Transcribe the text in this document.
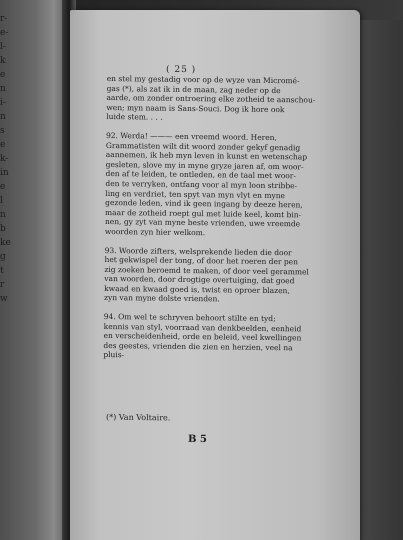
r-
e-
l-
k
e
n
i-
n
s
e
k-
in
e
l
n
b
ke
g
t
r
w
( 25 )
en stel my gestadig voor op de wyze van Micromé-
gas (*), als zat ik in de maan, zag neder op de
aarde, om zonder ontroering elke zotheid te aanschou-
wen; myn naam is Sans-Souci. Dog ik hore ook
luide stem. . . .
92. Werda! ——— een vreemd woord. Heren,
Grammatisten wilt dit woord zonder gekyf genadig
aannemen, ik heb myn leven in kunst en wetenschap
gesleten, slove my in myne gryze jaren af, om woor-
den af te leiden, te ontleden, en de taal met woor-
den te verryken, ontfang voor al myn loon stribbe-
ling en verdriet, ten spyt van myn vlyt en myne
gezonde leden, vind ik geen ingang by deeze heren,
maar de zotheid roept gul met luide keel, komt bin-
nen, gy zyt van myne beste vrienden, uwe vreemde
woorden zyn hier welkom.
93. Woorde zifters, welsprekende lieden die door
het gekwispel der tong, of door het roeren der pen
zig zoeken beroemd te maken, of door veel gerammel
van woorden, door drogtige overtuiging, dat goed
kwaad en kwaad goed is, twist en oproer blazen,
zyn van myne dolste vrienden.
94. Om wel te schryven behoort stilte en tyd;
kennis van styl, voorraad van denkbeelden, eenheid
en verscheidenheid, orde en beleid, veel kwellingen
des geestes, vrienden die zien en herzien, veel na
pluis-
(*) Van Voltaire.
B 5
